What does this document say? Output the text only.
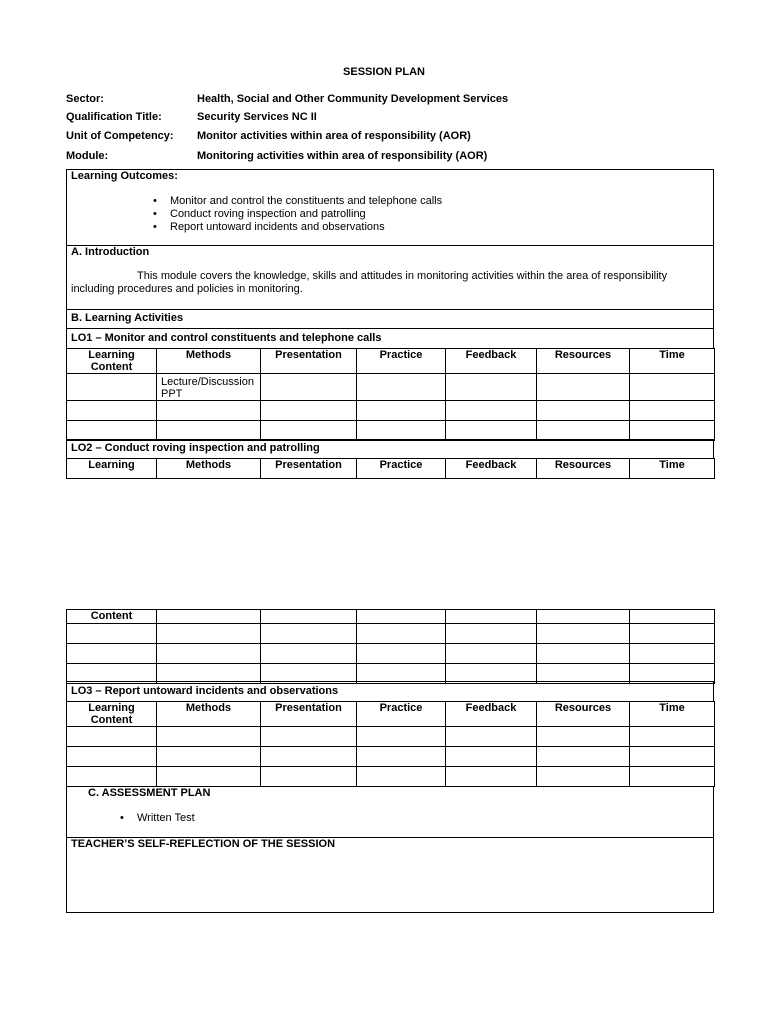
SESSION PLAN
Sector:	Health, Social and Other Community Development Services
Qualification Title:	Security Services NC II
Unit of Competency: Monitor activities within area of responsibility (AOR)
Module:	Monitoring activities within area of responsibility (AOR)
Learning Outcomes:
• Monitor and control the constituents and telephone calls
• Conduct roving inspection and patrolling
• Report untoward incidents and observations
A. Introduction
This module covers the knowledge, skills and attitudes in monitoring activities within the area of responsibility including procedures and policies in monitoring.
B. Learning Activities
LO1 – Monitor and control constituents and telephone calls
Learning
Content	Methods	Presentation	Practice	Feedback	Resources	Time
	Lecture/Discussion PPT					

LO2 – Conduct roving inspection and patrolling
Learning	Methods	Presentation	Practice	Feedback	Resources	Time
Content						

LO3 – Report untoward incidents and observations
Learning
Content	Methods	Presentation	Practice	Feedback	Resources	Time

C. ASSESSMENT PLAN
• Written Test
TEACHER’S SELF-REFLECTION OF THE SESSION
